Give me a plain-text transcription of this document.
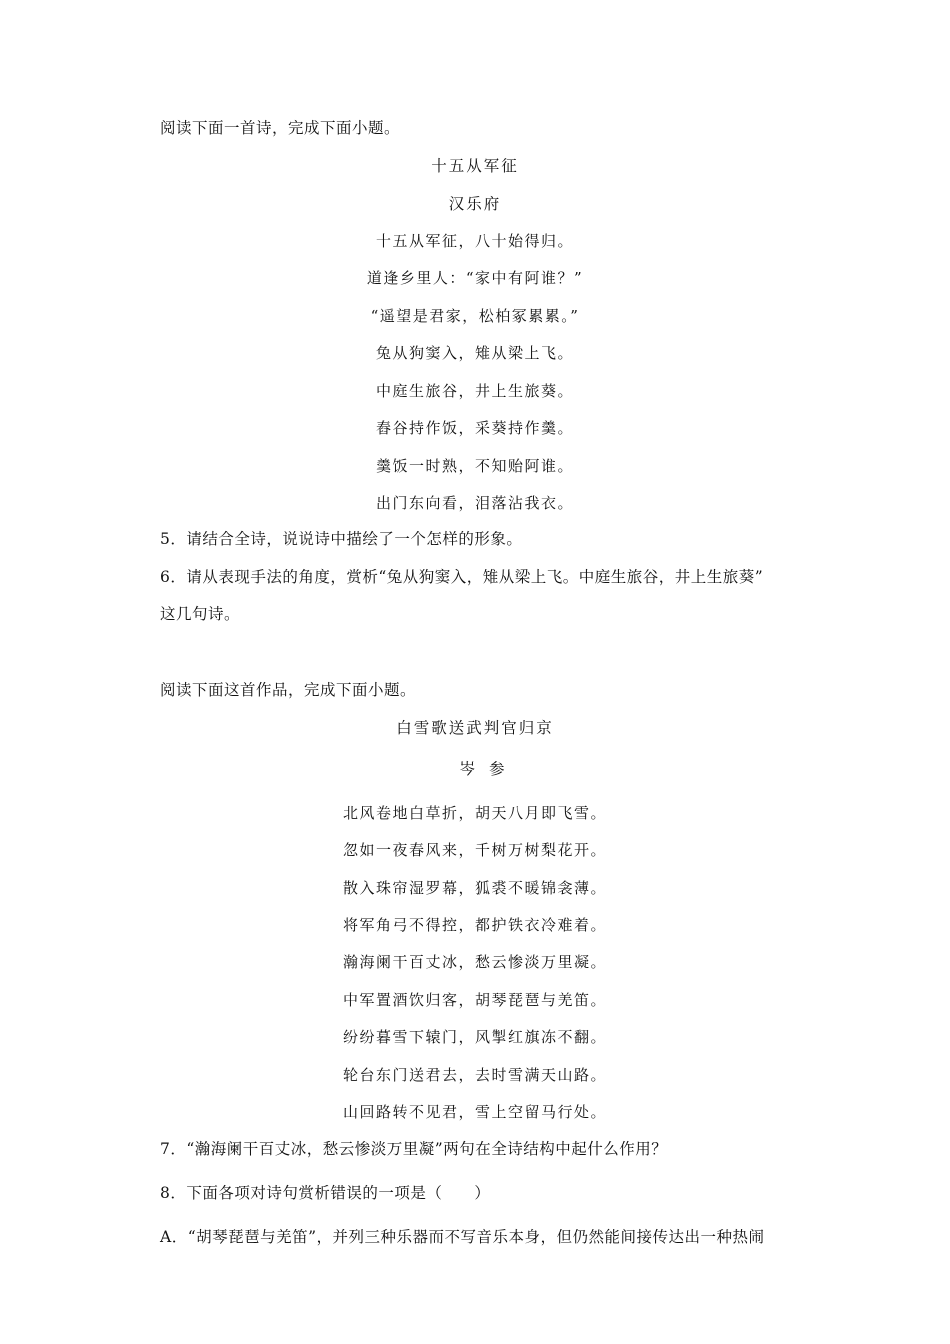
阅读下面一首诗，完成下面小题。
十五从军征
汉乐府
十五从军征，八十始得归。
道逢乡里人：“家中有阿谁？”
“遥望是君家，松柏冢累累。”
兔从狗窦入，雉从梁上飞。
中庭生旅谷，井上生旅葵。
舂谷持作饭，采葵持作羹。
羹饭一时熟，不知贻阿谁。
出门东向看，泪落沾我衣。
5．请结合全诗，说说诗中描绘了一个怎样的形象。
6．请从表现手法的角度，赏析“兔从狗窦入，雉从梁上飞。中庭生旅谷，井上生旅葵”
这几句诗。
阅读下面这首作品，完成下面小题。
白雪歌送武判官归京
岑参
北风卷地白草折，胡天八月即飞雪。
忽如一夜春风来，千树万树梨花开。
散入珠帘湿罗幕，狐裘不暖锦衾薄。
将军角弓不得控，都护铁衣冷难着。
瀚海阑干百丈冰，愁云惨淡万里凝。
中军置酒饮归客，胡琴琵琶与羌笛。
纷纷暮雪下辕门，风掣红旗冻不翻。
轮台东门送君去，去时雪满天山路。
山回路转不见君，雪上空留马行处。
7．“瀚海阑干百丈冰，愁云惨淡万里凝”两句在全诗结构中起什么作用？
8．下面各项对诗句赏析错误的一项是（　　）
A．“胡琴琵琶与羌笛”，并列三种乐器而不写音乐本身，但仍然能间接传达出一种热闹
